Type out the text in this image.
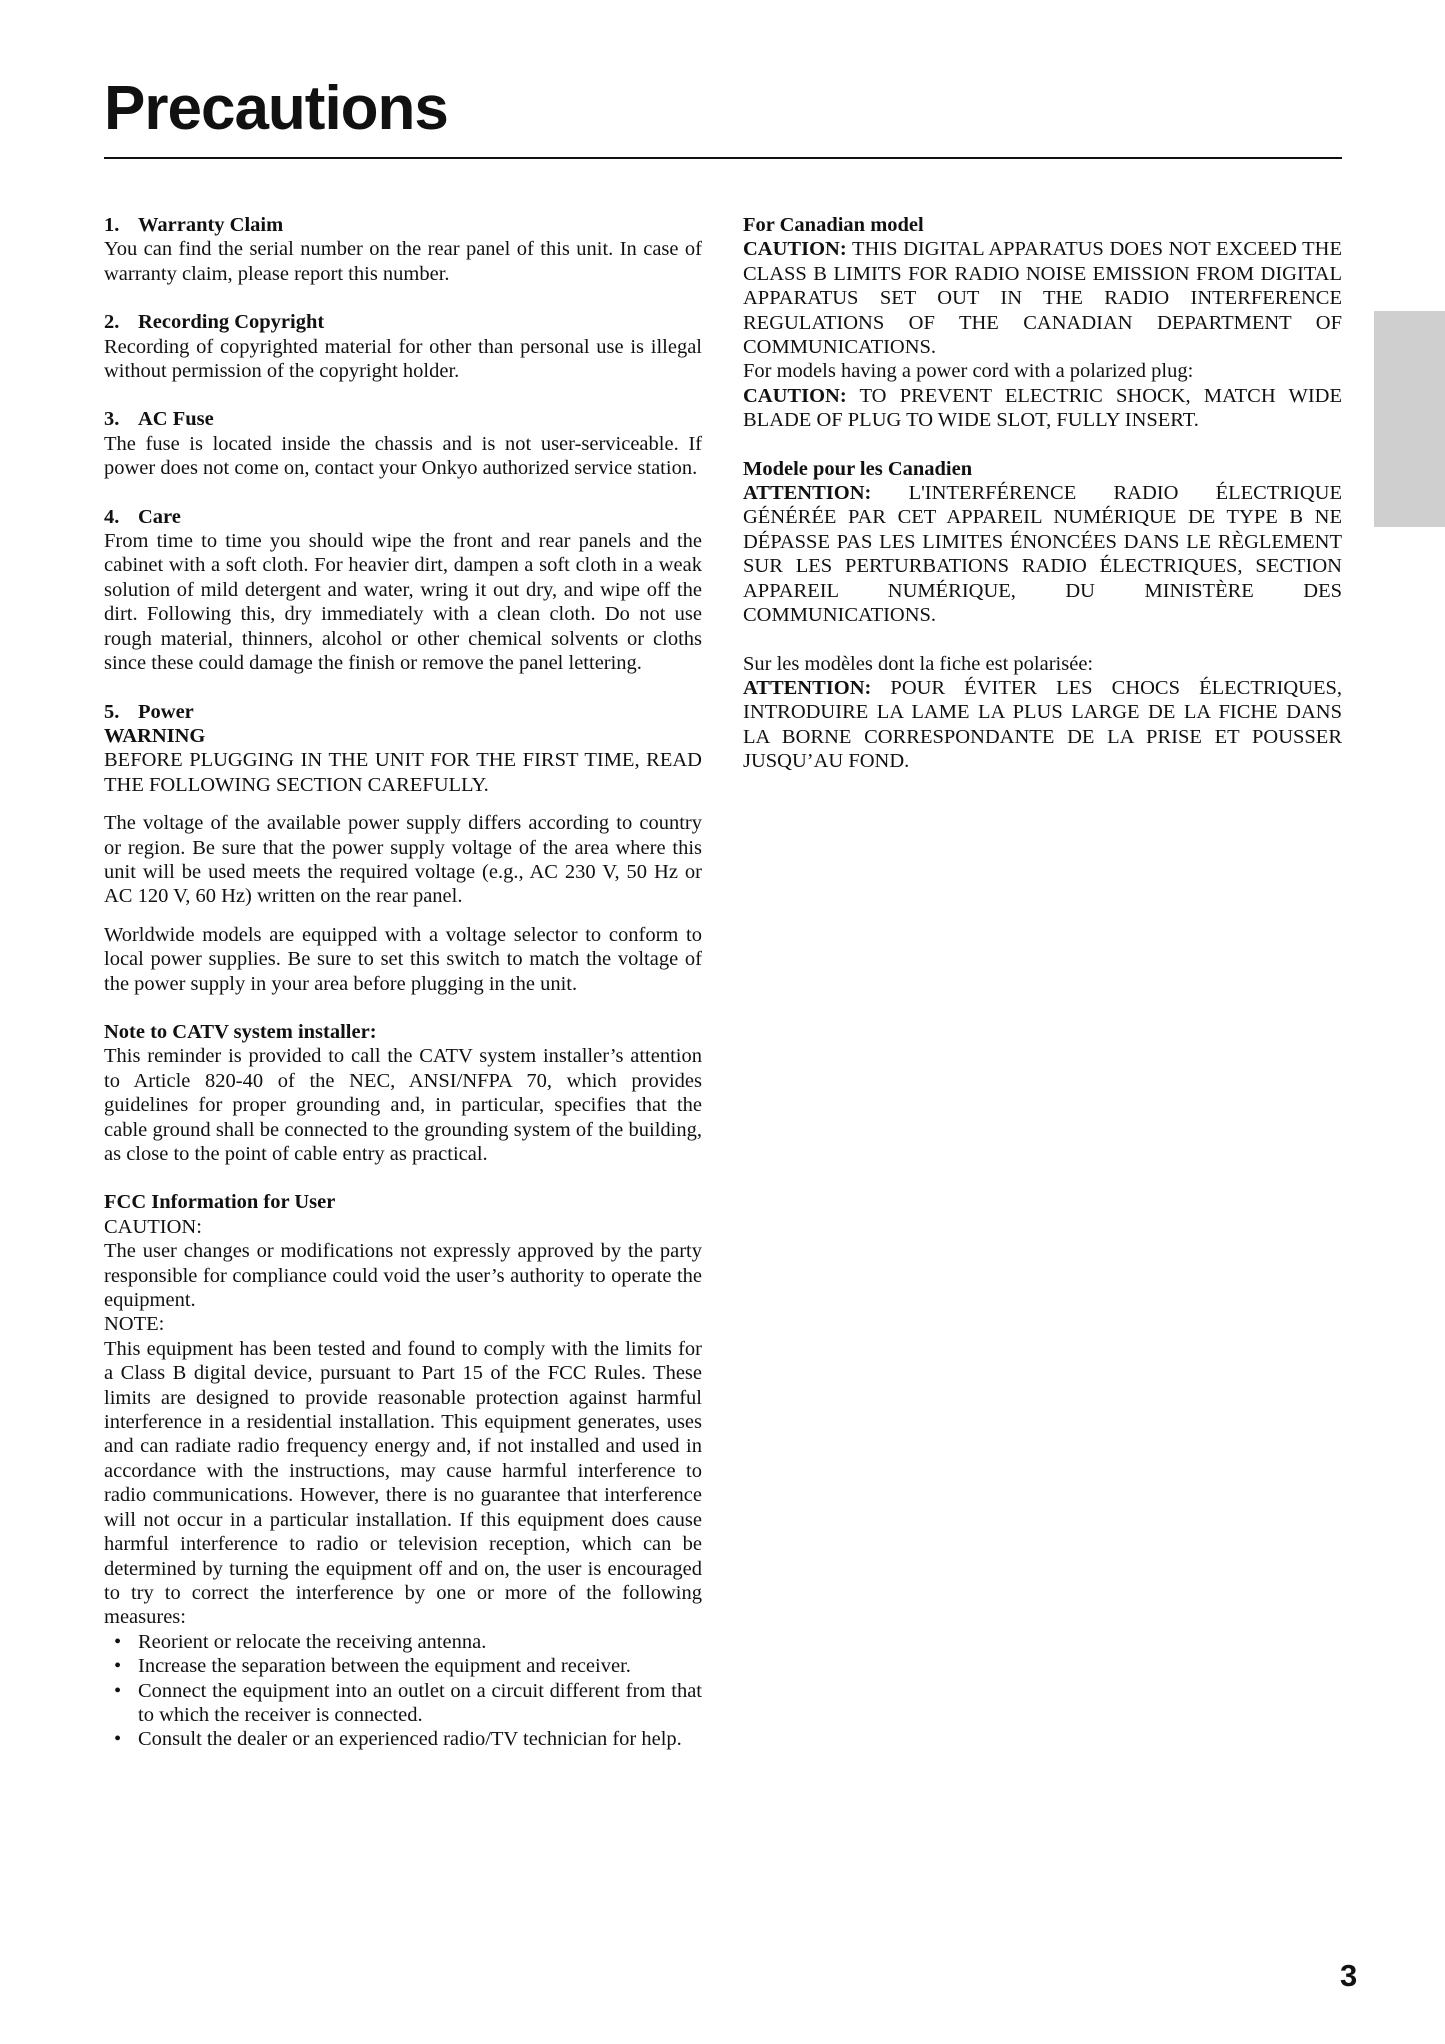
Precautions
1. Warranty Claim

You can find the serial number on the rear panel of this unit. In case of warranty claim, please report this number.

2. Recording Copyright

Recording of copyrighted material for other than personal use is illegal without permission of the copyright holder.

3. AC Fuse

The fuse is located inside the chassis and is not user-serviceable. If power does not come on, contact your Onkyo authorized service station.

4. Care

From time to time you should wipe the front and rear panels and the cabinet with a soft cloth. For heavier dirt, dampen a soft cloth in a weak solution of mild detergent and water, wring it out dry, and wipe off the dirt. Following this, dry immediately with a clean cloth. Do not use rough material, thinners, alcohol or other chemical solvents or cloths since these could damage the finish or remove the panel lettering.

5. Power
WARNING

BEFORE PLUGGING IN THE UNIT FOR THE FIRST TIME, READ THE FOLLOWING SECTION CAREFULLY.

The voltage of the available power supply differs according to country or region. Be sure that the power supply voltage of the area where this unit will be used meets the required voltage (e.g., AC 230 V, 50 Hz or AC 120 V, 60 Hz) written on the rear panel.

Worldwide models are equipped with a voltage selector to conform to local power supplies. Be sure to set this switch to match the voltage of the power supply in your area before plugging in the unit.

Note to CATV system installer:

This reminder is provided to call the CATV system installer’s attention to Article 820-40 of the NEC, ANSI/NFPA 70, which provides guidelines for proper grounding and, in particular, specifies that the cable ground shall be connected to the grounding system of the building, as close to the point of cable entry as practical.

FCC Information for User
CAUTION:

The user changes or modifications not expressly approved by the party responsible for compliance could void the user’s authority to operate the equipment.

NOTE:

This equipment has been tested and found to comply with the limits for a Class B digital device, pursuant to Part 15 of the FCC Rules. These limits are designed to provide reasonable protection against harmful interference in a residential installation. This equipment generates, uses and can radiate radio frequency energy and, if not installed and used in accordance with the instructions, may cause harmful interference to radio communications. However, there is no guarantee that interference will not occur in a particular installation. If this equipment does cause harmful interference to radio or television reception, which can be determined by turning the equipment off and on, the user is encouraged to try to correct the interference by one or more of the following measures:

• Reorient or relocate the receiving antenna.
• Increase the separation between the equipment and receiver.
• Connect the equipment into an outlet on a circuit different from that to which the receiver is connected.
• Consult the dealer or an experienced radio/TV technician for help.
For Canadian model

CAUTION: THIS DIGITAL APPARATUS DOES NOT EXCEED THE CLASS B LIMITS FOR RADIO NOISE EMISSION FROM DIGITAL APPARATUS SET OUT IN THE RADIO INTERFERENCE REGULATIONS OF THE CANADIAN DEPARTMENT OF COMMUNICATIONS.

For models having a power cord with a polarized plug:

CAUTION: TO PREVENT ELECTRIC SHOCK, MATCH WIDE BLADE OF PLUG TO WIDE SLOT, FULLY INSERT.

Modele pour les Canadien

ATTENTION: L'INTERFÉRENCE RADIO ÉLECTRIQUE GÉNÉRÉE PAR CET APPAREIL NUMÉRIQUE DE TYPE B NE DÉPASSE PAS LES LIMITES ÉNONCÉES DANS LE RÈGLEMENT SUR LES PERTURBATIONS RADIO ÉLECTRIQUES, SECTION APPAREIL NUMÉRIQUE, DU MINISTÈRE DES COMMUNICATIONS.

Sur les modèles dont la fiche est polarisée:

ATTENTION: POUR ÉVITER LES CHOCS ÉLECTRIQUES, INTRODUIRE LA LAME LA PLUS LARGE DE LA FICHE DANS LA BORNE CORRESPONDANTE DE LA PRISE ET POUSSER JUSQU’AU FOND.

3
